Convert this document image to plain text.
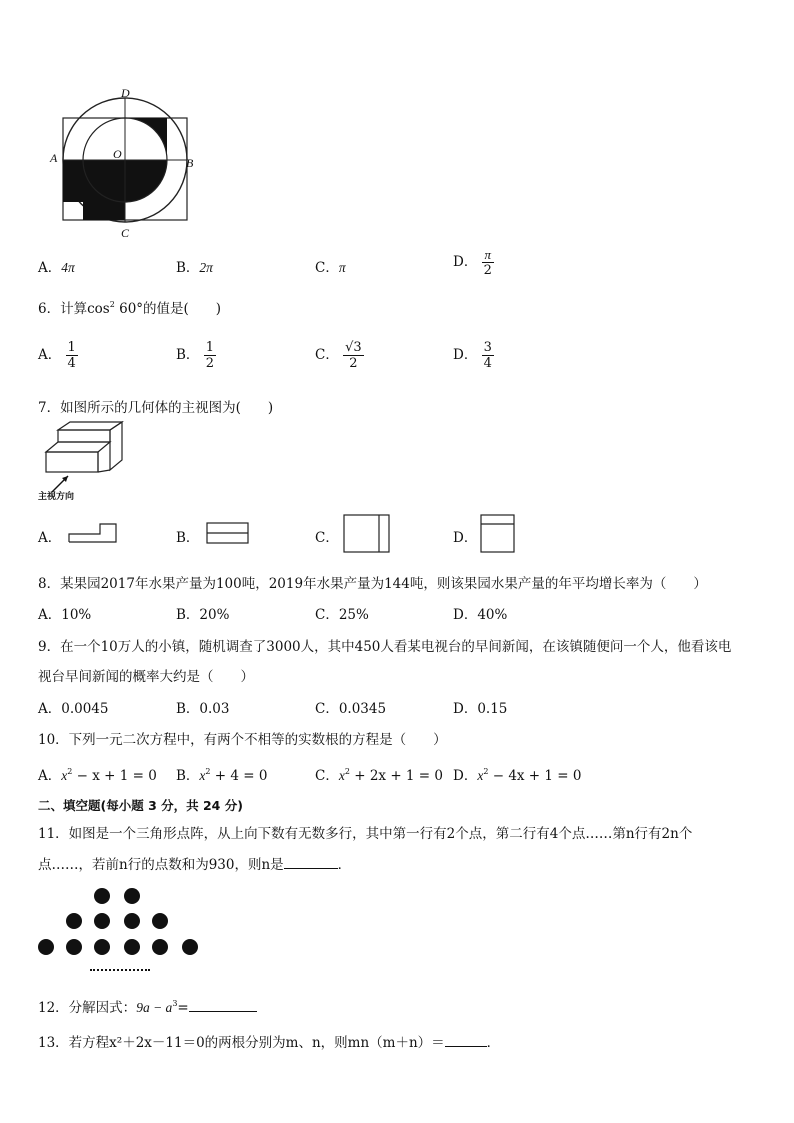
D
O
A	B
C
A．4π	B．2π	C．π	D． $\frac{\pi}{2}$
6．计算$\cos^2 60^\circ$的值是(　　)
A． $\frac{1}{4}$	B． $\frac{1}{2}$	C． $\frac{√3}{2}$	D． $\frac{3}{4}$
7．如图所示的几何体的主视图为(　　)
主视方向
A．	B．	C．	D．
8．某果园2017年水果产量为100吨，2019年水果产量为144吨，则该果园水果产量的年平均增长率为（　　）
A．10%	B．20%	C．25%	D．40%
9．在一个10万人的小镇，随机调查了3000人，其中450人看某电视台的早间新闻，在该镇随便问一个人，他看该电
视台早间新闻的概率大约是（　　）
A．0.0045	B．0.03	C．0.0345	D．0.15
10．下列一元二次方程中，有两个不相等的实数根的方程是（　　）
A．$x^2 - x + 1 = 0$ B．$x^2 + 4 = 0$	C．$x^2 + 2x + 1 = 0$ D．$x^2 - 4x + 1 = 0$
二、填空题(每小题 3 分，共 24 分)
11．如图是一个三角形点阵，从上向下数有无数多行，其中第一行有2个点，第二行有4个点……第n行有2n个
点……，若前n行的点数和为930，则n是	．
12．分解因式：$9a - a^3=$
13．若方程x²＋2x－11＝0的两根分别为m、n，则mn（m＋n）＝	．
